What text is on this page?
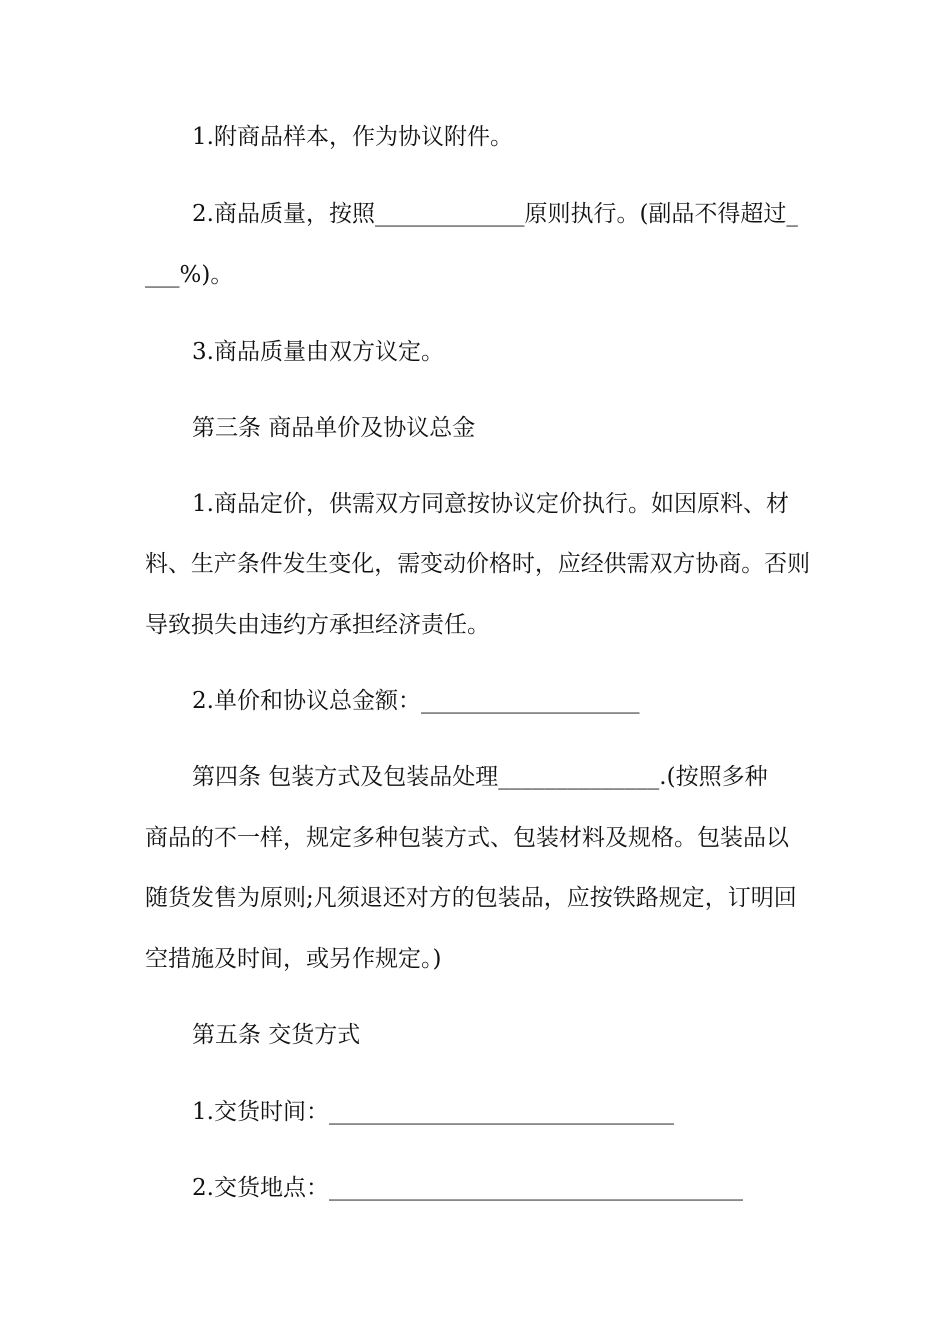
1.附商品样本，作为协议附件。
2.商品质量，按照_____________原则执行。(副品不得超过_
___%)。
3.商品质量由双方议定。
第三条 商品单价及协议总金
1.商品定价，供需双方同意按协议定价执行。如因原料、材
料、生产条件发生变化，需变动价格时，应经供需双方协商。否则
导致损失由违约方承担经济责任。
2.单价和协议总金额：___________________
第四条 包装方式及包装品处理______________.(按照多种
商品的不一样，规定多种包装方式、包装材料及规格。包装品以
随货发售为原则;凡须退还对方的包装品，应按铁路规定，订明回
空措施及时间，或另作规定。)
第五条 交货方式
1.交货时间：______________________________
2.交货地点：____________________________________
